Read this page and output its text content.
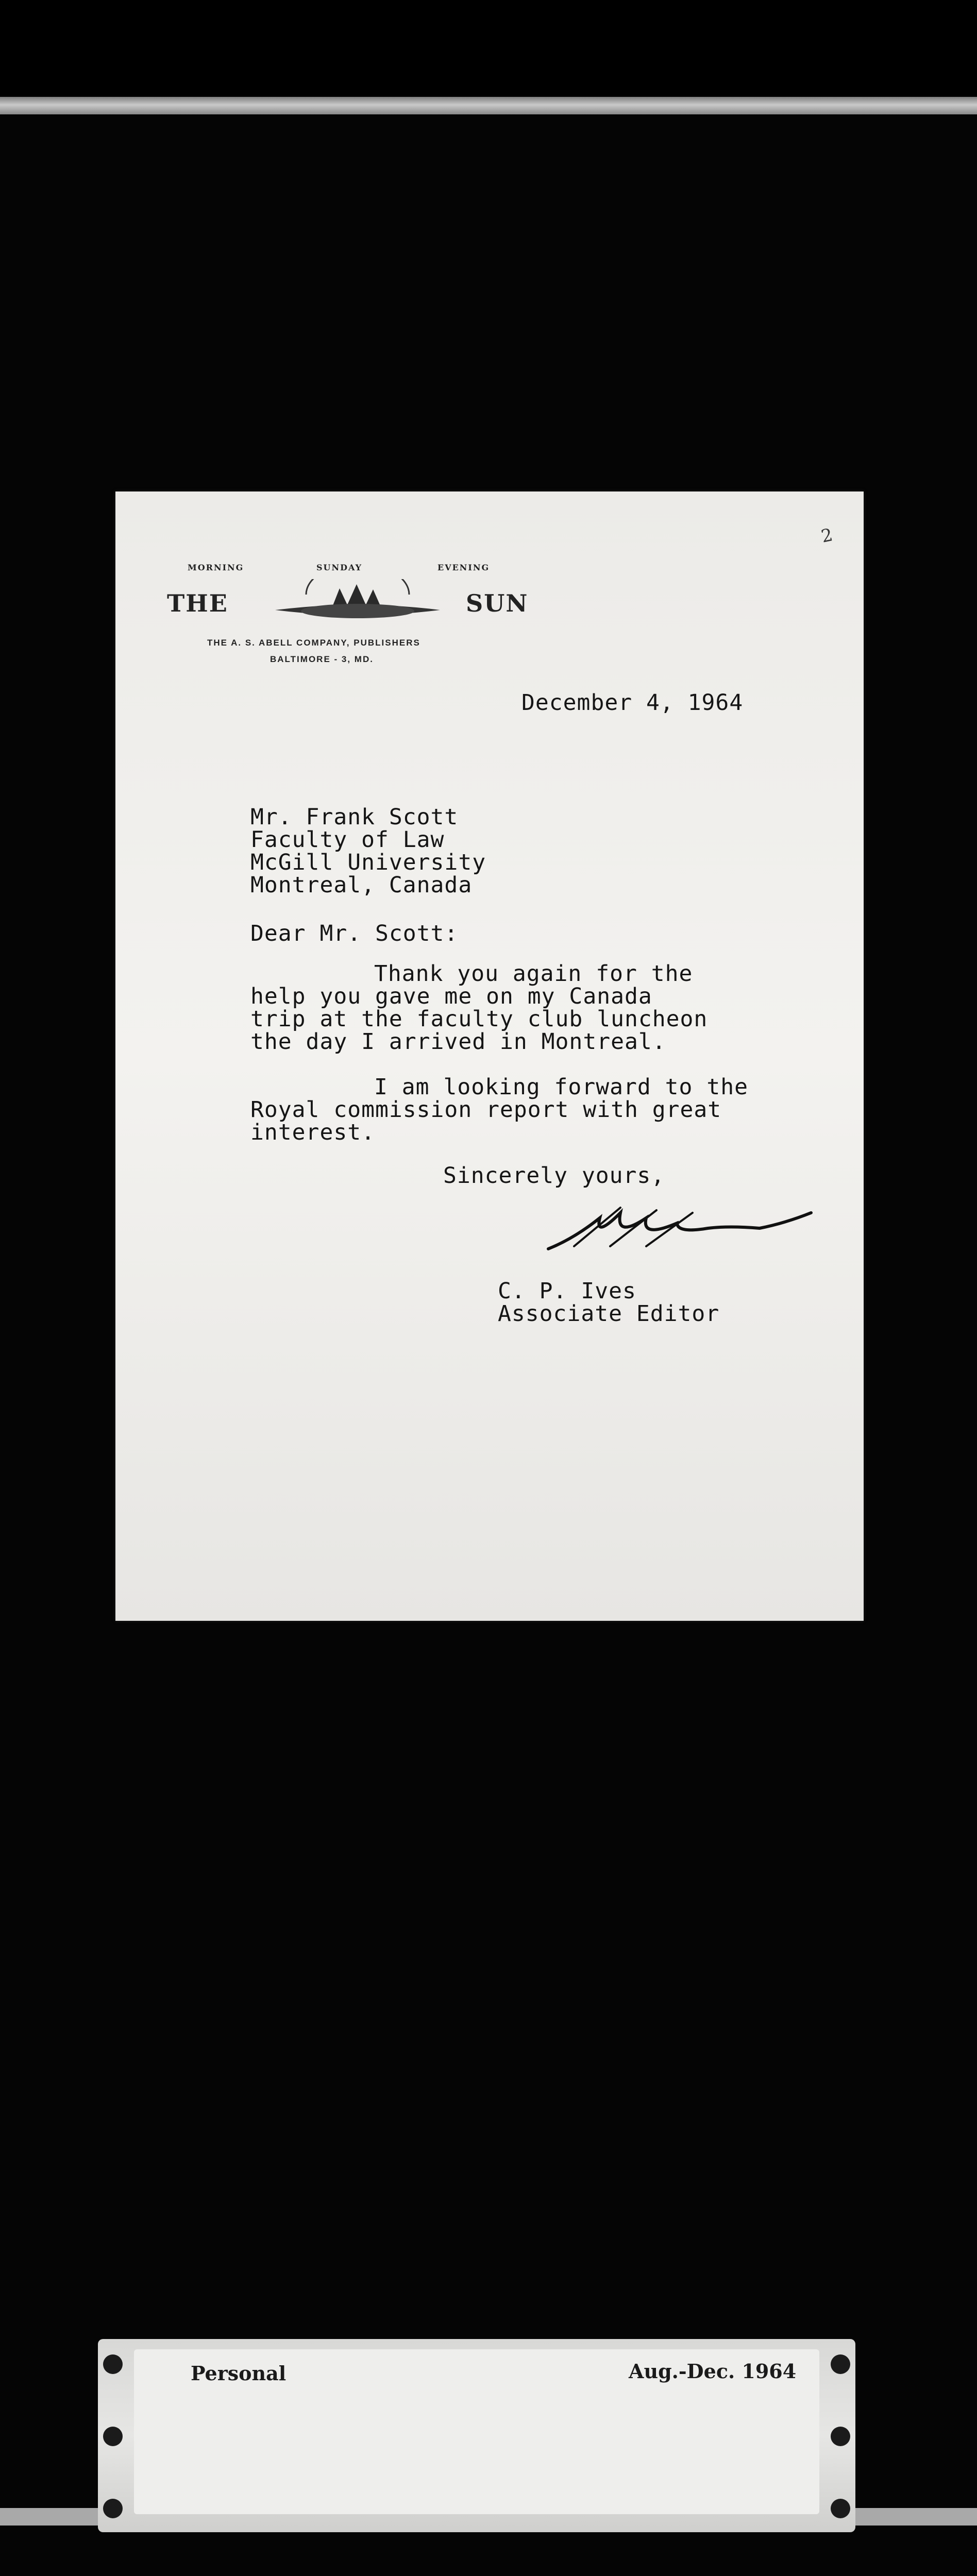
MORNING	SUNDAY	EVENING
THE	SUN
THE A. S. ABELL COMPANY, PUBLISHERS
BALTIMORE - 3, MD.
2
December 4, 1964
Mr. Frank Scott
Faculty of Law
McGill University
Montreal, Canada
Dear Mr. Scott:
Thank you again for the
help you gave me on my Canada
trip at the faculty club luncheon
the day I arrived in Montreal.
I am looking forward to the
Royal commission report with great
interest.
Sincerely yours,
C. P. Ives
Associate Editor
Personal	Aug.-Dec. 1964
